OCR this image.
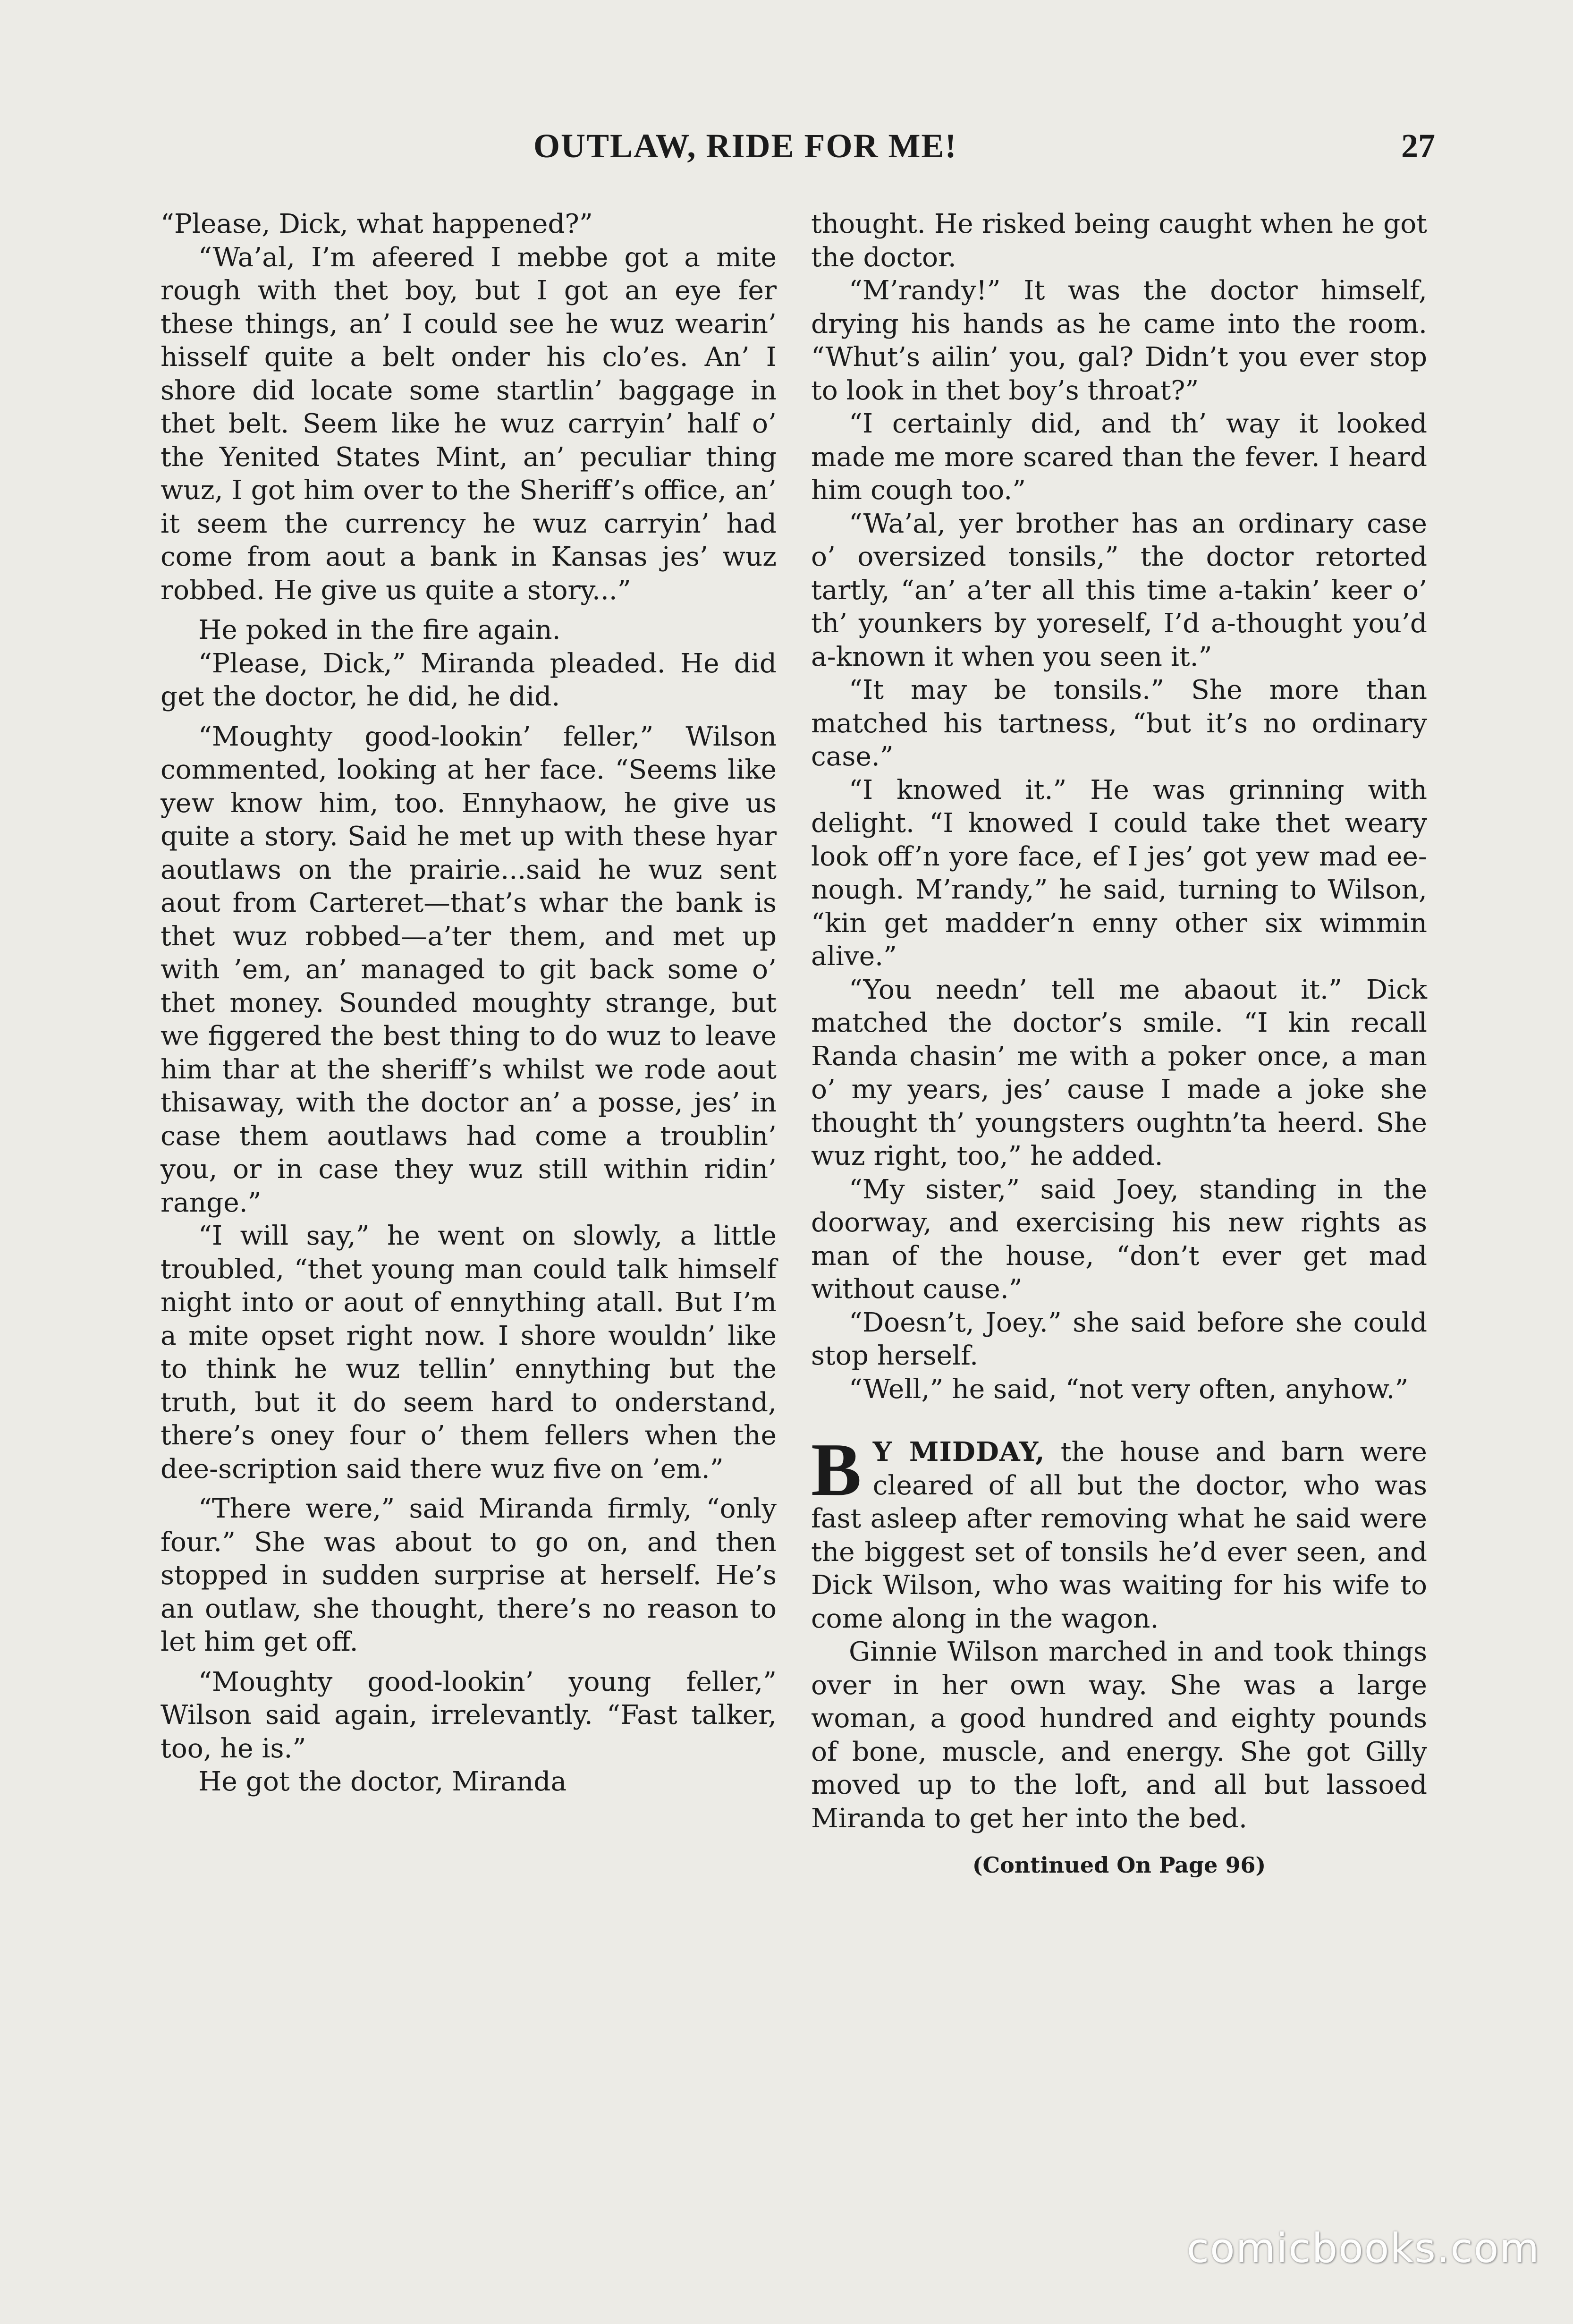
OUTLAW, RIDE FOR ME!	27

“Please, Dick, what happened?”

“Wa’al, I’m afeered I mebbe got a mite rough with thet boy, but I got an eye fer these things, an’ I could see he wuz wearin’ hisself quite a belt onder his clo’es. An’ I shore did locate some startlin’ baggage in thet belt. Seem like he wuz carryin’ half o’ the Yenited States Mint, an’ peculiar thing wuz, I got him over to the Sheriff’s office, an’ it seem the currency he wuz carryin’ had come from aout a bank in Kansas jes’ wuz robbed. He give us quite a story...”

He poked in the fire again.

“Please, Dick,” Miranda pleaded. He did get the doctor, he did, he did.

“Moughty good-lookin’ feller,” Wilson commented, looking at her face. “Seems like yew know him, too. Ennyhaow, he give us quite a story. Said he met up with these hyar aoutlaws on the prairie...said he wuz sent aout from Carteret—that’s whar the bank is thet wuz robbed—a’ter them, and met up with ’em, an’ managed to git back some o’ thet money. Sounded moughty strange, but we figgered the best thing to do wuz to leave him thar at the sheriff’s whilst we rode aout thisaway, with the doctor an’ a posse, jes’ in case them aoutlaws had come a troublin’ you, or in case they wuz still within ridin’ range.”

“I will say,” he went on slowly, a little troubled, “thet young man could talk himself night into or aout of ennything atall. But I’m a mite opset right now. I shore wouldn’ like to think he wuz tellin’ ennything but the truth, but it do seem hard to onderstand, there’s oney four o’ them fellers when the dee-scription said there wuz five on ’em.”

“There were,” said Miranda firmly, “only four.” She was about to go on, and then stopped in sudden surprise at herself. He’s an outlaw, she thought, there’s no reason to let him get off.

“Moughty good-lookin’ young feller,” Wilson said again, irrelevantly. “Fast talker, too, he is.”

He got the doctor, Miranda

thought. He risked being caught when he got the doctor.

“M’randy!” It was the doctor himself, drying his hands as he came into the room. “Whut’s ailin’ you, gal? Didn’t you ever stop to look in thet boy’s throat?”

“I certainly did, and th’ way it looked made me more scared than the fever. I heard him cough too.”

“Wa’al, yer brother has an ordinary case o’ oversized tonsils,” the doctor retorted tartly, “an’ a’ter all this time a-takin’ keer o’ th’ younkers by yoreself, I’d a-thought you’d a-known it when you seen it.”

“It may be tonsils.” She more than matched his tartness, “but it’s no ordinary case.”

“I knowed it.” He was grinning with delight. “I knowed I could take thet weary look off’n yore face, ef I jes’ got yew mad ee-nough. M’randy,” he said, turning to Wilson, “kin get madder’n enny other six wimmin alive.”

“You needn’ tell me abaout it.” Dick matched the doctor’s smile. “I kin recall Randa chasin’ me with a poker once, a man o’ my years, jes’ cause I made a joke she thought th’ youngsters oughtn’ta heerd. She wuz right, too,” he added.

“My sister,” said Joey, standing in the doorway, and exercising his new rights as man of the house, “don’t ever get mad without cause.”

“Doesn’t, Joey.” she said before she could stop herself.

“Well,” he said, “not very often, anyhow.”

B Y MIDDAY, the house and barn were cleared of all but the doctor, who was fast asleep after removing what he said were the biggest set of tonsils he’d ever seen, and Dick Wilson, who was waiting for his wife to come along in the wagon.

Ginnie Wilson marched in and took things over in her own way. She was a large woman, a good hundred and eighty pounds of bone, muscle, and energy. She got Gilly moved up to the loft, and all but lassoed Miranda to get her into the bed.

(Continued On Page 96)

comicbooks.com
